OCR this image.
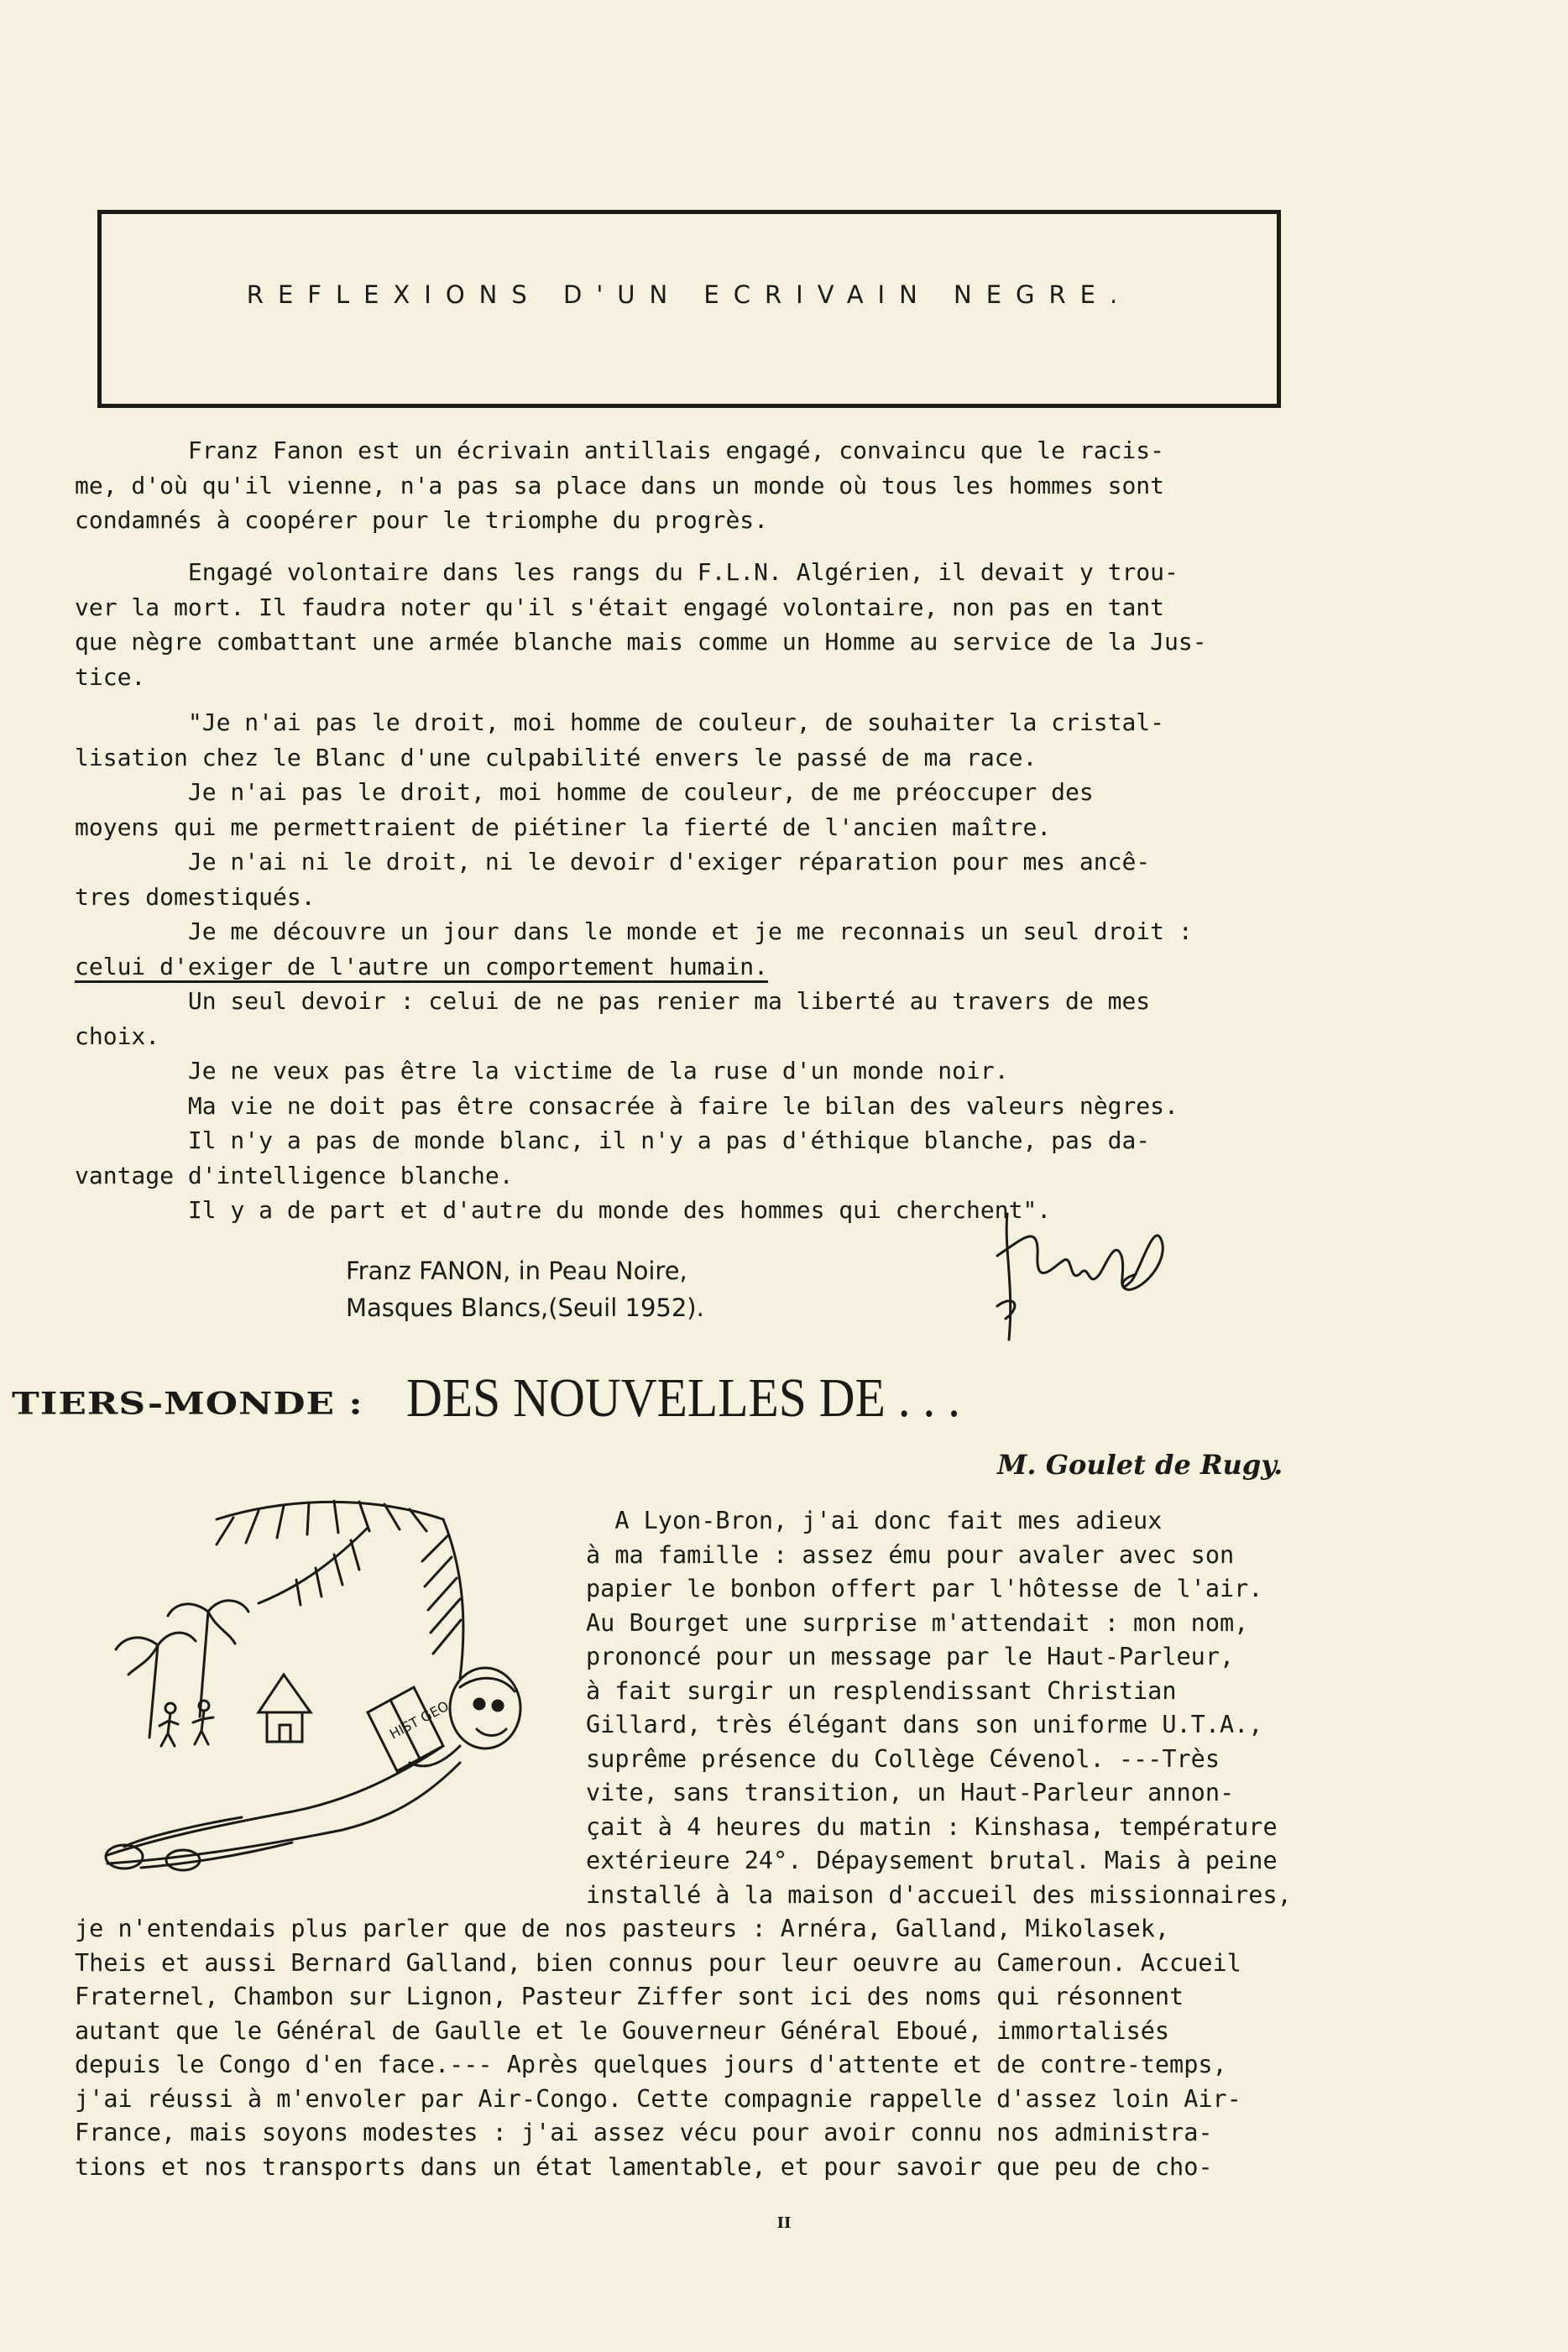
REFLEXIONS D'UN ECRIVAIN NEGRE.
Franz Fanon est un écrivain antillais engagé, convaincu que le racis-
me, d'où qu'il vienne, n'a pas sa place dans un monde où tous les hommes sont
condamnés à coopérer pour le triomphe du progrès.
Engagé volontaire dans les rangs du F.L.N. Algérien, il devait y trou-
ver la mort. Il faudra noter qu'il s'était engagé volontaire, non pas en tant
que nègre combattant une armée blanche mais comme un Homme au service de la Jus-
tice.
"Je n'ai pas le droit, moi homme de couleur, de souhaiter la cristal-
lisation chez le Blanc d'une culpabilité envers le passé de ma race.
Je n'ai pas le droit, moi homme de couleur, de me préoccuper des
moyens qui me permettraient de piétiner la fierté de l'ancien maître.
Je n'ai ni le droit, ni le devoir d'exiger réparation pour mes ancê-
tres domestiqués.
Je me découvre un jour dans le monde et je me reconnais un seul droit :
celui d'exiger de l'autre un comportement humain.
Un seul devoir : celui de ne pas renier ma liberté au travers de mes
choix.
Je ne veux pas être la victime de la ruse d'un monde noir.
Ma vie ne doit pas être consacrée à faire le bilan des valeurs nègres.
Il n'y a pas de monde blanc, il n'y a pas d'éthique blanche, pas da-
vantage d'intelligence blanche.
Il y a de part et d'autre du monde des hommes qui cherchent".
Franz FANON, in Peau Noire,
Masques Blancs,(Seuil 1952).
TIERS-MONDE : DES NOUVELLES DE . . .
M. Goulet de Rugy.
HIST GEO
A Lyon-Bron, j'ai donc fait mes adieux
à ma famille : assez ému pour avaler avec son
papier le bonbon offert par l'hôtesse de l'air.
Au Bourget une surprise m'attendait : mon nom,
prononcé pour un message par le Haut-Parleur,
à fait surgir un resplendissant Christian
Gillard, très élégant dans son uniforme U.T.A.,
suprême présence du Collège Cévenol. ---Très
vite, sans transition, un Haut-Parleur annon-
çait à 4 heures du matin : Kinshasa, température
extérieure 24°. Dépaysement brutal. Mais à peine
installé à la maison d'accueil des missionnaires,
je n'entendais plus parler que de nos pasteurs : Arnéra, Galland, Mikolasek,
Theis et aussi Bernard Galland, bien connus pour leur oeuvre au Cameroun. Accueil
Fraternel, Chambon sur Lignon, Pasteur Ziffer sont ici des noms qui résonnent
autant que le Général de Gaulle et le Gouverneur Général Eboué, immortalisés
depuis le Congo d'en face.--- Après quelques jours d'attente et de contre-temps,
j'ai réussi à m'envoler par Air-Congo. Cette compagnie rappelle d'assez loin Air-
France, mais soyons modestes : j'ai assez vécu pour avoir connu nos administra-
tions et nos transports dans un état lamentable, et pour savoir que peu de cho-
II
